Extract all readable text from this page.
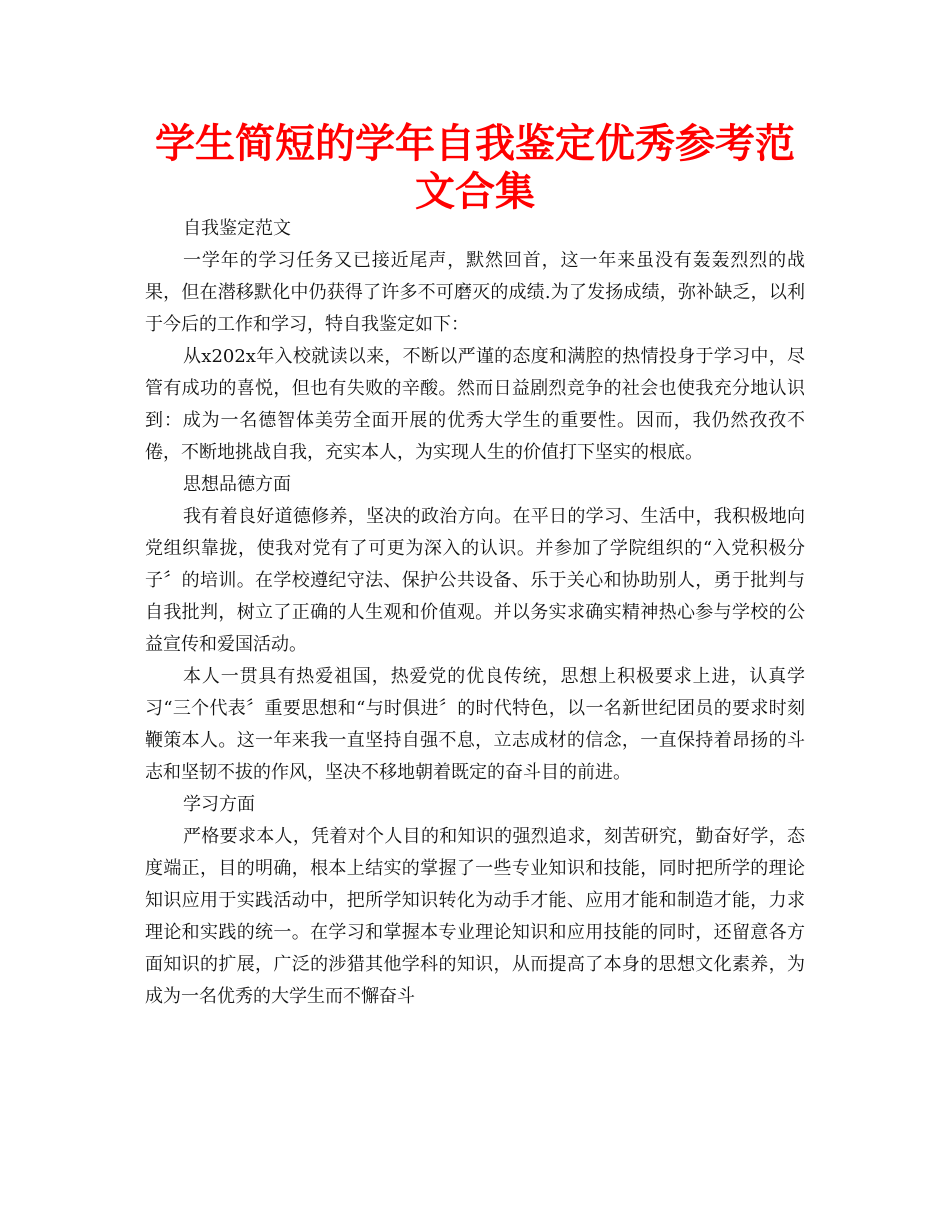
学生简短的学年自我鉴定优秀参考范文合集

自我鉴定范文

一学年的学习任务又已接近尾声，默然回首，这一年来虽没有轰轰烈烈的战果，但在潜移默化中仍获得了许多不可磨灭的成绩.为了发扬成绩，弥补缺乏，以利于今后的工作和学习，特自我鉴定如下：

从x202x年入校就读以来，不断以严谨的态度和满腔的热情投身于学习中，尽管有成功的喜悦，但也有失败的辛酸。然而日益剧烈竞争的社会也使我充分地认识到：成为一名德智体美劳全面开展的优秀大学生的重要性。因而，我仍然孜孜不倦，不断地挑战自我，充实本人，为实现人生的价值打下坚实的根底。

思想品德方面

我有着良好道德修养，坚决的政治方向。在平日的学习、生活中，我积极地向党组织靠拢，使我对党有了可更为深入的认识。并参加了学院组织的“入党积极分子〞的培训。在学校遵纪守法、保护公共设备、乐于关心和协助别人，勇于批判与自我批判，树立了正确的人生观和价值观。并以务实求确实精神热心参与学校的公益宣传和爱国活动。

本人一贯具有热爱祖国，热爱党的优良传统，思想上积极要求上进，认真学习“三个代表〞重要思想和“与时俱进〞的时代特色，以一名新世纪团员的要求时刻鞭策本人。这一年来我一直坚持自强不息，立志成材的信念，一直保持着昂扬的斗志和坚韧不拔的作风，坚决不移地朝着既定的奋斗目的前进。

学习方面

严格要求本人，凭着对个人目的和知识的强烈追求，刻苦研究，勤奋好学，态度端正，目的明确，根本上结实的掌握了一些专业知识和技能，同时把所学的理论知识应用于实践活动中，把所学知识转化为动手才能、应用才能和制造才能，力求理论和实践的统一。在学习和掌握本专业理论知识和应用技能的同时，还留意各方面知识的扩展，广泛的涉猎其他学科的知识，从而提高了本身的思想文化素养，为成为一名优秀的大学生而不懈奋斗
